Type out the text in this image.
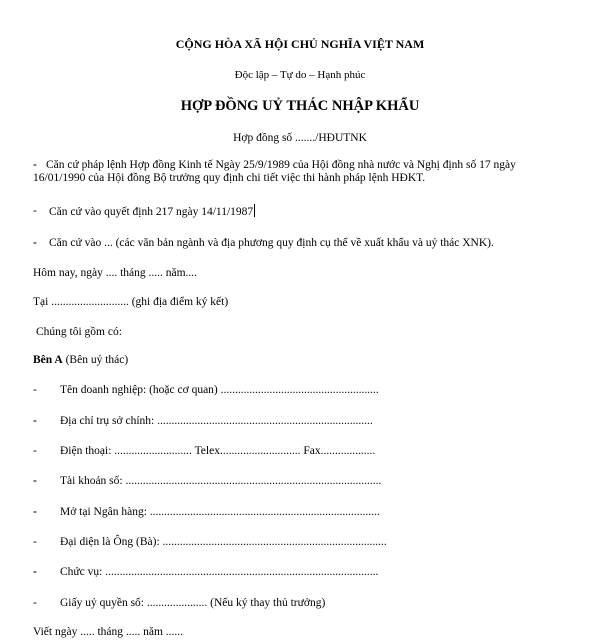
CỘNG HÒA XÃ HỘI CHỦ NGHĨA VIỆT NAM
Độc lập – Tự do – Hạnh phúc
HỢP ĐỒNG UỶ THÁC NHẬP KHẨU
Hợp đồng số ......./HĐUTNK
- Căn cứ pháp lệnh Hợp đồng Kinh tế Ngày 25/9/1989 của Hội đồng nhà nước và Nghị định số 17 ngày
16/01/1990 của Hội đồng Bộ trưởng quy định chi tiết việc thi hành pháp lệnh HĐKT.
- Căn cứ vào quyết định 217 ngày 14/11/1987
- Căn cứ vào ... (các văn bản ngành và địa phương quy định cụ thể về xuất khẩu và uỷ thác XNK).
Hôm nay, ngày .... tháng ..... năm....
Tại ........................... (ghi địa điểm ký kết)
Chúng tôi gồm có:
Bên A (Bên uỷ thác)
- Tên doanh nghiệp: (hoặc cơ quan) .......................................................
- Địa chỉ trụ sở chính: ...........................................................................
- Điện thoại: ........................... Telex............................ Fax...................
- Tài khoản số: .........................................................................................
- Mở tại Ngân hàng: ................................................................................
- Đại diện là Ông (Bà): ..............................................................................
- Chức vụ: ...............................................................................................
- Giấy uỷ quyền số: ..................... (Nếu ký thay thủ trưởng)
Viết ngày ..... tháng ..... năm ......
